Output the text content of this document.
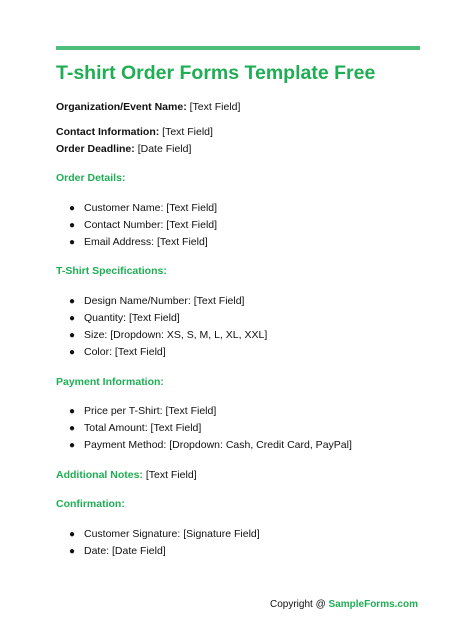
T-shirt Order Forms Template Free
Organization/Event Name: [Text Field]
Contact Information: [Text Field]
Order Deadline: [Date Field]
Order Details:
● Customer Name: [Text Field]
● Contact Number: [Text Field]
● Email Address: [Text Field]
T-Shirt Specifications:
● Design Name/Number: [Text Field]
● Quantity: [Text Field]
● Size: [Dropdown: XS, S, M, L, XL, XXL]
● Color: [Text Field]
Payment Information:
● Price per T-Shirt: [Text Field]
● Total Amount: [Text Field]
● Payment Method: [Dropdown: Cash, Credit Card, PayPal]
Additional Notes: [Text Field]
Confirmation:
● Customer Signature: [Signature Field]
● Date: [Date Field]
Copyright @ SampleForms.com
